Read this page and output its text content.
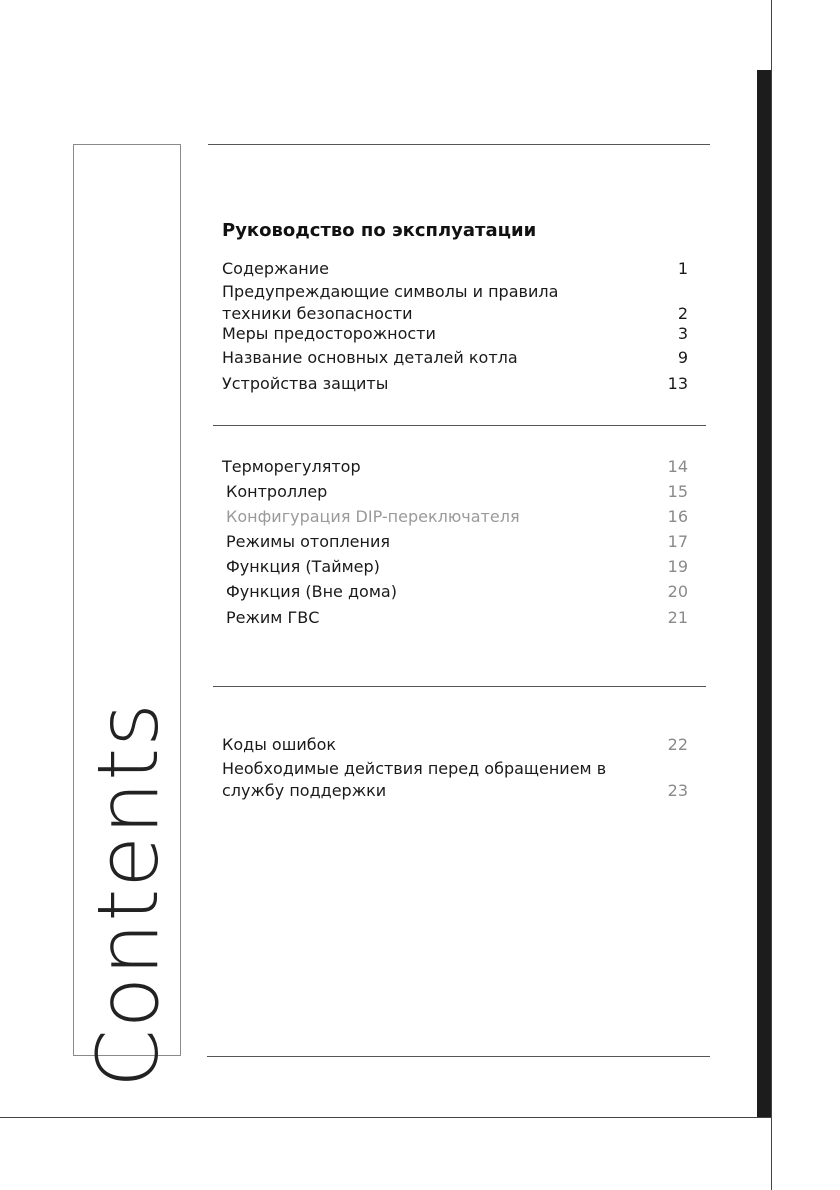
Contents
Руководство по эксплуатации
Содержание	1
Предупреждающие символы и правила техники безопасности	2
Меры предосторожности	3
Название основных деталей котла	9
Устройства защиты	13
Терморегулятор	14
Контроллер	15
Конфигурация DIP-переключателя	16
Режимы отопления	17
Функция (Таймер)	19
Функция (Вне дома)	20
Режим ГВС	21
Коды ошибок	22
Необходимые действия перед обращением в службу поддержки	23
